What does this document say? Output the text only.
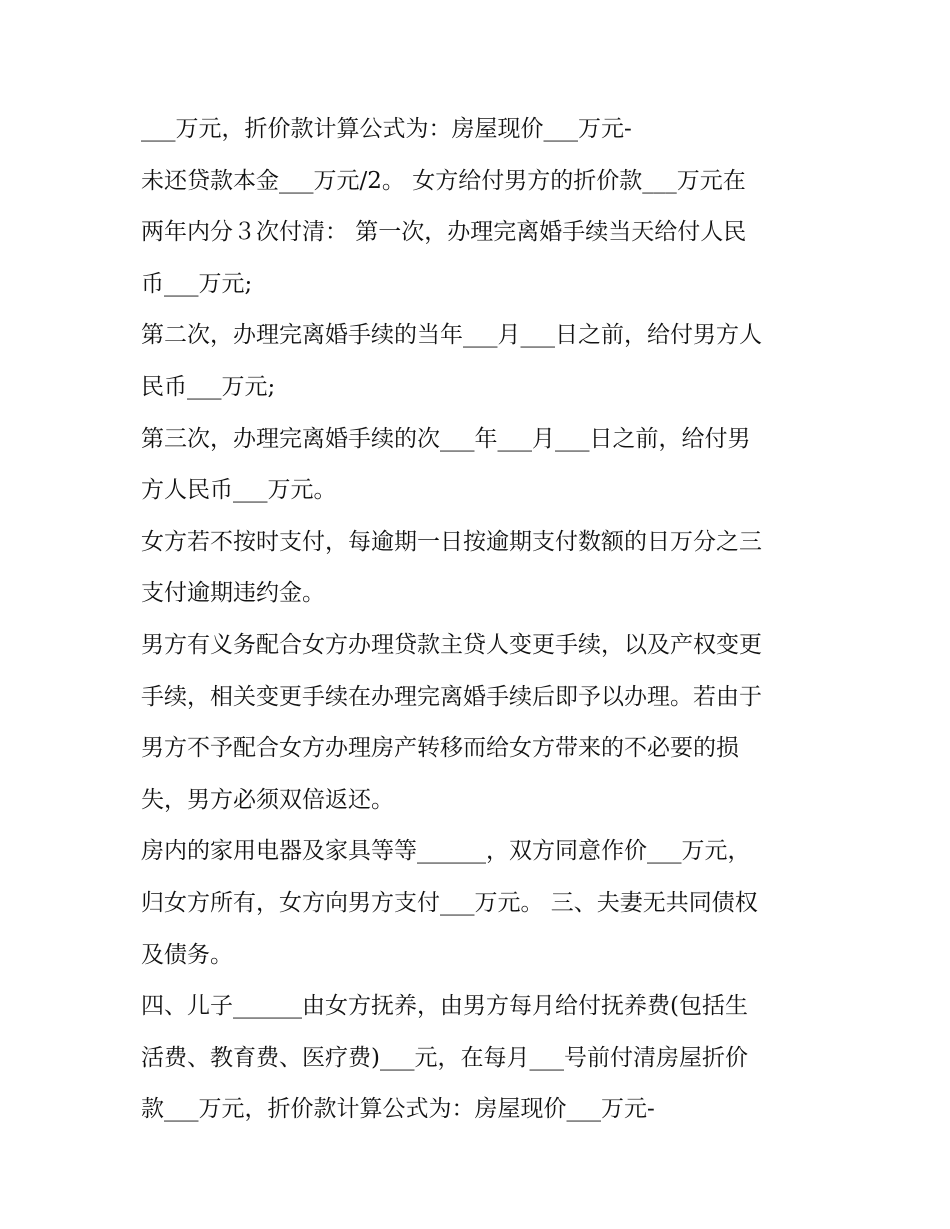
___万元，折价款计算公式为：房屋现价___万元-

未还贷款本金___万元/2。 女方给付男方的折价款___万元在

两年内分３次付清： 第一次，办理完离婚手续当天给付人民

币___万元;

第二次，办理完离婚手续的当年___月___日之前，给付男方人

民币___万元;

第三次，办理完离婚手续的次___年___月___日之前，给付男

方人民币___万元。

女方若不按时支付，每逾期一日按逾期支付数额的日万分之三

支付逾期违约金。

男方有义务配合女方办理贷款主贷人变更手续，以及产权变更

手续，相关变更手续在办理完离婚手续后即予以办理。若由于

男方不予配合女方办理房产转移而给女方带来的不必要的损

失，男方必须双倍返还。

房内的家用电器及家具等等______，双方同意作价___万元，

归女方所有，女方向男方支付___万元。 三、夫妻无共同债权

及债务。

四、儿子______由女方抚养，由男方每月给付抚养费(包括生

活费、教育费、医疗费)___元，在每月___号前付清房屋折价

款___万元，折价款计算公式为：房屋现价___万元-
